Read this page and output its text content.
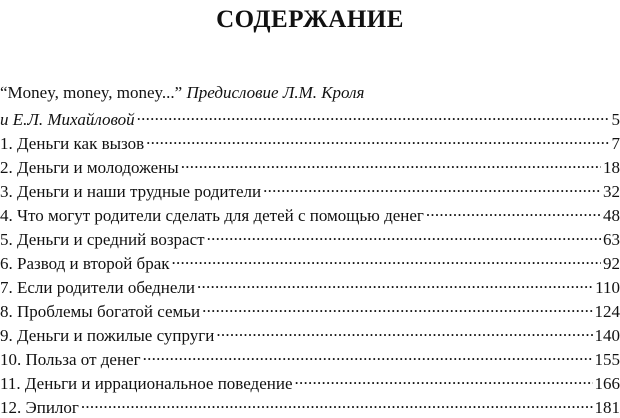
СОДЕРЖАНИЕ
“Money, money, money...” Предисловие Л.М. Кроля
и Е.Л. Михайловой . . .	5
1. Деньги как вызов . . .	7
2. Деньги и молодожены . . .	18
3. Деньги и наши трудные родители . . .	32
4. Что могут родители сделать для детей с помощью денег . . .	48
5. Деньги и средний возраст . . .	63
6. Развод и второй брак . . .	92
7. Если родители обеднели . . .	110
8. Проблемы богатой семьи . . .	124
9. Деньги и пожилые супруги . . .	140
10. Польза от денег . . .	155
11. Деньги и иррациональное поведение . . .	166
12. Эпилог . . .	181
